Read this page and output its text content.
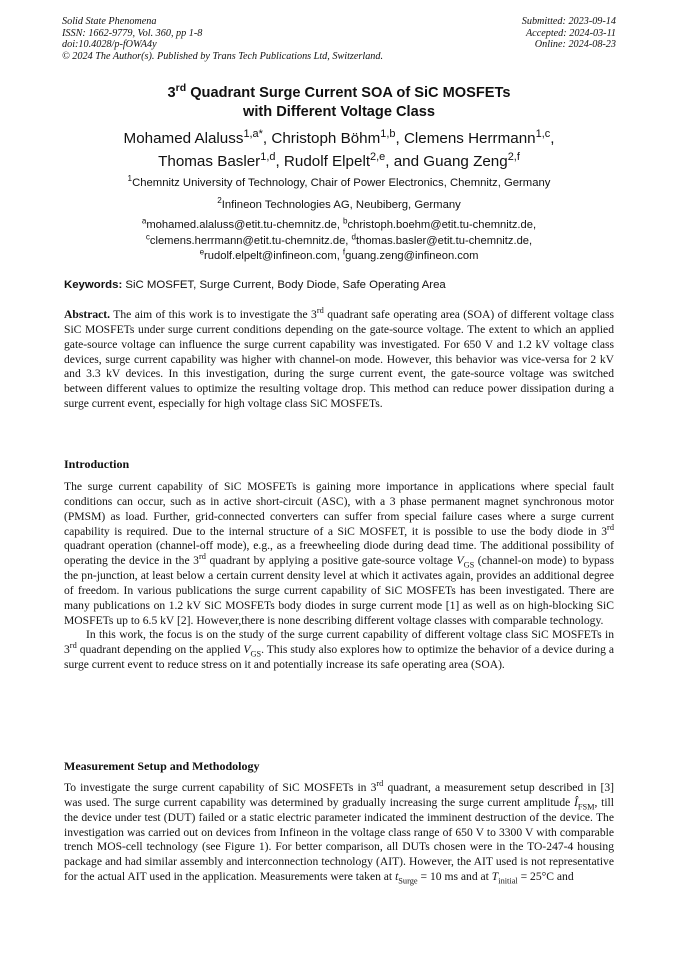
Solid State Phenomena
ISSN: 1662-9779, Vol. 360, pp 1-8
doi:10.4028/p-fOWA4y
© 2024 The Author(s). Published by Trans Tech Publications Ltd, Switzerland.
Submitted: 2023-09-14
Accepted: 2024-03-11
Online: 2024-08-23
3rd Quadrant Surge Current SOA of SiC MOSFETs
with Different Voltage Class
Mohamed Alaluss$^{1,a*}$, Christoph Böhm$^{1,b}$, Clemens Herrmann$^{1,c}$,
Thomas Basler$^{1,d}$, Rudolf Elpelt$^{2,e}$, and Guang Zeng$^{2,f}$
$^1$Chemnitz University of Technology, Chair of Power Electronics, Chemnitz, Germany
$^2$Infineon Technologies AG, Neubiberg, Germany
$^a$mohamed.alaluss@etit.tu-chemnitz.de, $^b$christoph.boehm@etit.tu-chemnitz.de,
$^c$clemens.herrmann@etit.tu-chemnitz.de, $^d$thomas.basler@etit.tu-chemnitz.de,
$^e$rudolf.elpelt@infineon.com, $^f$guang.zeng@infineon.com
Keywords: SiC MOSFET, Surge Current, Body Diode, Safe Operating Area
Abstract. The aim of this work is to investigate the 3rd quadrant safe operating area (SOA) of different voltage class SiC MOSFETs under surge current conditions depending on the gate-source voltage. The extent to which an applied gate-source voltage can influence the surge current capability was investigated. For 650 V and 1.2 kV voltage class devices, surge current capability was higher with channel-on mode. However, this behavior was vice-versa for 2 kV and 3.3 kV devices. In this investigation, during the surge current event, the gate-source voltage was switched between different values to optimize the resulting voltage drop. This method can reduce power dissipation during a surge current event, especially for high voltage class SiC MOSFETs.
Introduction
The surge current capability of SiC MOSFETs is gaining more importance in applications where special fault conditions can occur, such as in active short-circuit (ASC), with a 3 phase permanent magnet synchronous motor (PMSM) as load. Further, grid-connected converters can suffer from special failure cases where a surge current capability is required. Due to the internal structure of a SiC MOSFET, it is possible to use the body diode in 3rd quadrant operation (channel-off mode), e.g., as a freewheeling diode during dead time. The additional possibility of operating the device in the 3rd quadrant by applying a positive gate-source voltage $V_{GS}$ (channel-on mode) to bypass the pn-junction, at least below a certain current density level at which it activates again, provides an additional degree of freedom. In various publications the surge current capability of SiC MOSFETs has been investigated. There are many publications on 1.2 kV SiC MOSFETs body diodes in surge current mode [1] as well as on high-blocking SiC MOSFETs up to 6.5 kV [2]. However,there is none describing different voltage classes with comparable technology.
In this work, the focus is on the study of the surge current capability of different voltage class SiC MOSFETs in 3rd quadrant depending on the applied $V_{GS}$. This study also explores how to optimize the behavior of a device during a surge current event to reduce stress on it and potentially increase its safe operating area (SOA).
Measurement Setup and Methodology
To investigate the surge current capability of SiC MOSFETs in 3rd quadrant, a measurement setup described in [3] was used. The surge current capability was determined by gradually increasing the surge current amplitude $Î_{FSM}$, till the device under test (DUT) failed or a static electric parameter indicated the imminent destruction of the device. The investigation was carried out on devices from Infineon in the voltage class range of 650 V to 3300 V with comparable trench MOS-cell technology (see Figure 1). For better comparison, all DUTs chosen were in the TO-247-4 housing package and had similar assembly and interconnection technology (AIT). However, the AIT used is not representative for the actual AIT used in the application. Measurements were taken at $t_{Surge} = 10$ ms and at $T_{initial} = 25^\circ C$ and
